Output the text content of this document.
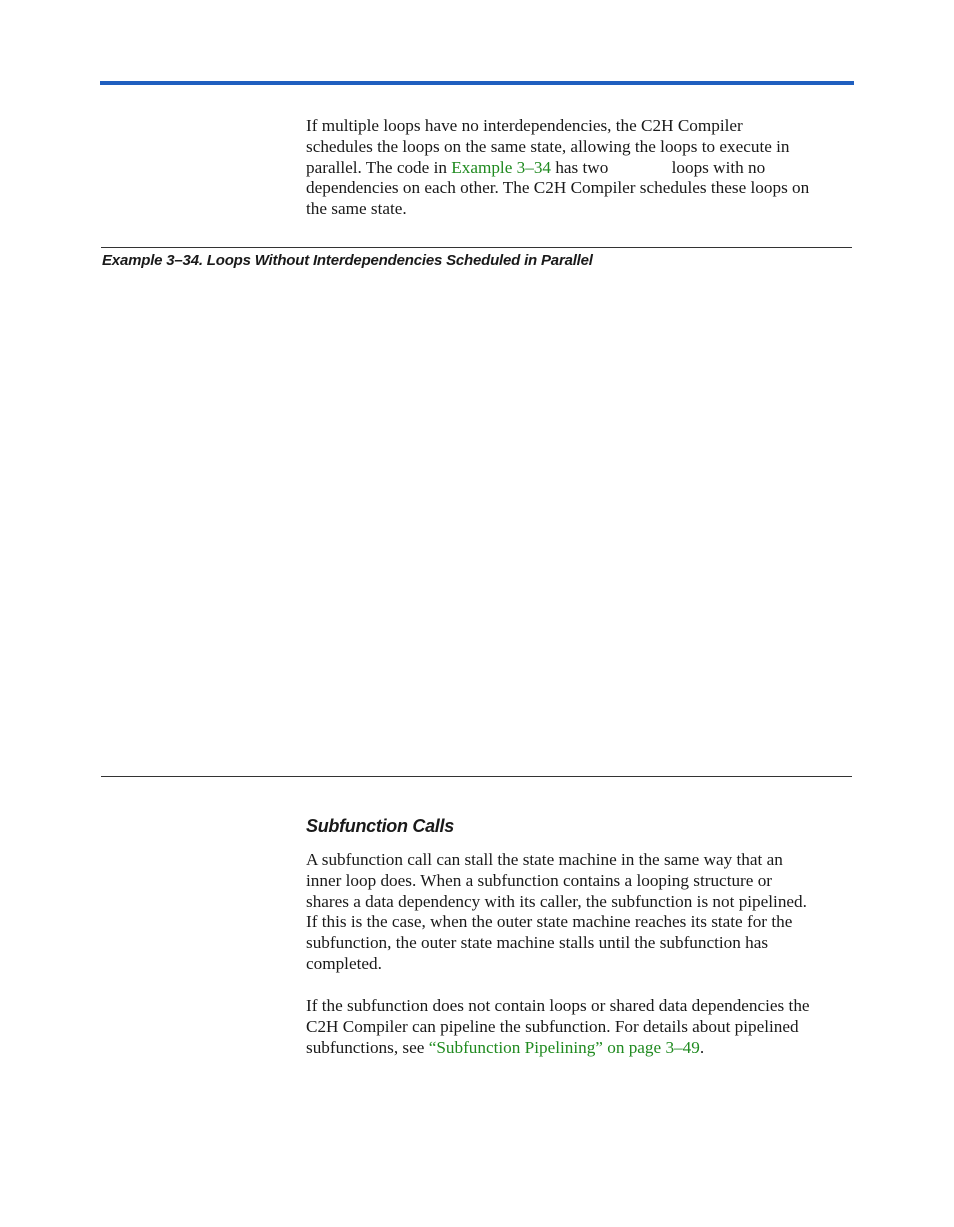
If multiple loops have no interdependencies, the C2H Compiler
schedules the loops on the same state, allowing the loops to execute in
parallel. The code in Example 3–34 has two	loops with no
dependencies on each other. The C2H Compiler schedules these loops on
the same state.

Example 3–34. Loops Without Interdependencies Scheduled in Parallel

Subfunction Calls

A subfunction call can stall the state machine in the same way that an
inner loop does. When a subfunction contains a looping structure or
shares a data dependency with its caller, the subfunction is not pipelined.
If this is the case, when the outer state machine reaches its state for the
subfunction, the outer state machine stalls until the subfunction has
completed.

If the subfunction does not contain loops or shared data dependencies the
C2H Compiler can pipeline the subfunction. For details about pipelined
subfunctions, see “Subfunction Pipelining” on page 3–49.
